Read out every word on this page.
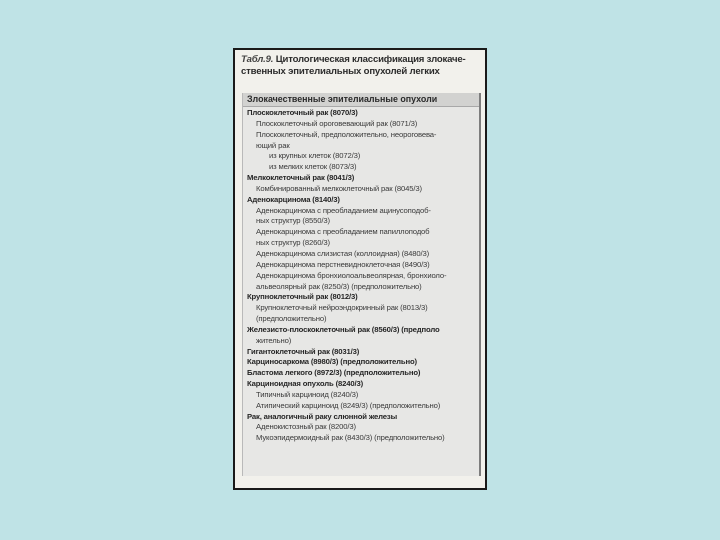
Табл.9. Цитологическая классификация злокаче-
ственных эпителиальных опухолей легких
Злокачественные эпителиальные опухоли
Плоскоклеточный рак (8070/3)
Плоскоклеточный ороговевающий рак (8071/3)
Плоскоклеточный, предположительно, неороговева-
ющий рак
из крупных клеток (8072/3)
из мелких клеток (8073/3)
Мелкоклеточный рак (8041/3)
Комбинированный мелкоклеточный рак (8045/3)
Аденокарцинома (8140/3)
Аденокарцинома с преобладанием ацинусоподоб-
ных структур (8550/3)
Аденокарцинома с преобладанием папиллоподоб
ных структур (8260/3)
Аденокарцинома слизистая (коллоидная) (8480/3)
Аденокарцинома перстневидноклеточная (8490/3)
Аденокарцинома бронхиолоальвеолярная, бронхиоло-
альвеолярный рак (8250/3) (предположительно)
Крупноклеточный рак (8012/3)
Крупноклеточный нейроэндокринный рак (8013/3)
(предположительно)
Железисто-плоскоклеточный рак (8560/3) (предполо
жительно)
Гигантоклеточный рак (8031/3)
Карциносаркома (8980/3) (предположительно)
Бластома легкого (8972/3) (предположительно)
Карциноидная опухоль (8240/3)
Типичный карциноид (8240/3)
Атипический карциноид (8249/3) (предположительно)
Рак, аналогичный раку слюнной железы
Аденокистозный рак (8200/3)
Мукоэпидермоидный рак (8430/3) (предположительно)
